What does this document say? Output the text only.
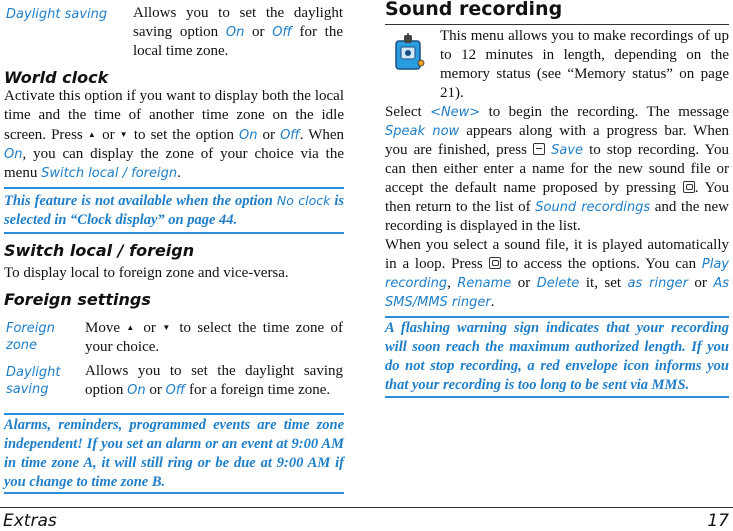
Daylight saving Allows you to set the daylight saving option On or Off for the local time zone.
World clock

Activate this option if you want to display both the local time and the time of another time zone on the idle screen. Press ▲ or ▼ to set the option On or Off. When On, you can display the zone of your choice via the menu Switch local / foreign.

This feature is not available when the option No clock is selected in “Clock display” on page 44.
Switch local / foreign

To display local to foreign zone and vice-versa.

Foreign settings
Foreign zone
Move ▲ or ▼ to select the time zone of your choice.
Daylight saving
Allows you to set the daylight saving option On or Off for a foreign time zone.
Alarms, reminders, programmed events are time zone independent! If you set an alarm or an event at 9:00 AM in time zone A, it will still ring or be due at 9:00 AM if you change to time zone B.
Sound recording

This menu allows you to make recordings of up to 12 minutes in length, depending on the memory status (see “Memory status” on page 21).

Select <New> to begin the recording. The message Speak now appears along with a progress bar. When you are finished, press  Save to stop recording. You can then either enter a name for the new sound file or accept the default name proposed by pressing . You then return to the list of Sound recordings and the new recording is displayed in the list.

When you select a sound file, it is played automatically in a loop. Press  to access the options. You can Play recording, Rename or Delete it, set as ringer or As SMS/MMS ringer.

A flashing warning sign indicates that your recording will soon reach the maximum authorized length. If you do not stop recording, a red envelope icon informs you that your recording is too long to be sent via MMS.
Extras	17
